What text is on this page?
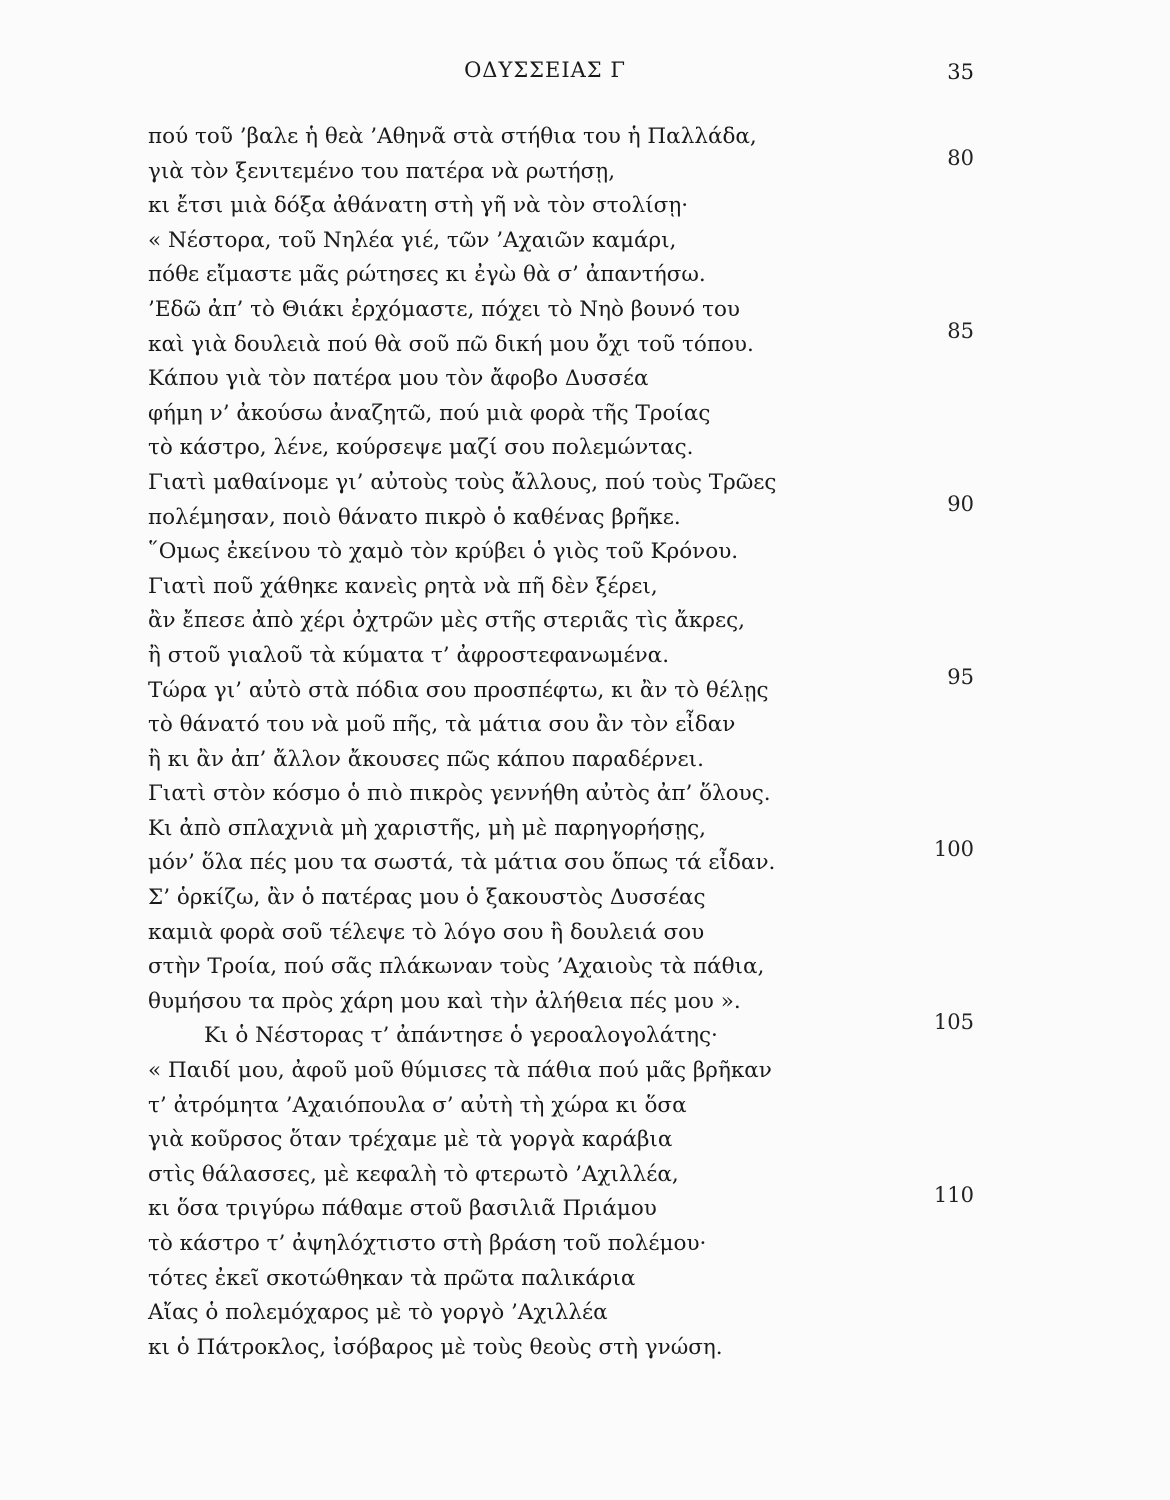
ΟΔΥΣΣΕΙΑΣ Γ	35
πού τοῦ ’βαλε ἡ θεὰ ’Αθηνᾶ στὰ στήθια του ἡ Παλλάδα,
γιὰ τὸν ξενιτεμένο του πατέρα νὰ ρωτήσῃ,
80
κι ἔτσι μιὰ δόξα ἀθάνατη στὴ γῆ νὰ τὸν στολίσῃ·
« Νέστορα, τοῦ Νηλέα γιέ, τῶν ’Αχαιῶν καμάρι,
πόθε εἴμαστε μᾶς ρώτησες κι ἐγὼ θὰ σ’ ἀπαντήσω.
’Εδῶ ἀπ’ τὸ Θιάκι ἐρχόμαστε, πόχει τὸ Νηὸ βουνό του
καὶ γιὰ δουλειὰ πού θὰ σοῦ πῶ δική μου ὄχι τοῦ τόπου.
85
Κάπου γιὰ τὸν πατέρα μου τὸν ἄφοβο Δυσσέα
φήμη ν’ ἀκούσω ἀναζητῶ, πού μιὰ φορὰ τῆς Τροίας
τὸ κάστρο, λένε, κούρσεψε μαζί σου πολεμώντας.
Γιατὶ μαθαίνομε γι’ αὐτοὺς τοὺς ἄλλους, πού τοὺς Τρῶες
πολέμησαν, ποιὸ θάνατο πικρὸ ὁ καθένας βρῆκε.
90
῞Ομως ἐκείνου τὸ χαμὸ τὸν κρύβει ὁ γιὸς τοῦ Κρόνου.
Γιατὶ ποῦ χάθηκε κανεὶς ρητὰ νὰ πῆ δὲν ξέρει,
ἂν ἔπεσε ἀπὸ χέρι ὀχτρῶν μὲς στῆς στεριᾶς τὶς ἄκρες,
ἢ στοῦ γιαλοῦ τὰ κύματα τ’ ἀφροστεφανωμένα.
Τώρα γι’ αὐτὸ στὰ πόδια σου προσπέφτω, κι ἂν τὸ θέλῃς
95
τὸ θάνατό του νὰ μοῦ πῆς, τὰ μάτια σου ἂν τὸν εἶδαν
ἢ κι ἂν ἀπ’ ἄλλον ἄκουσες πῶς κάπου παραδέρνει.
Γιατὶ στὸν κόσμο ὁ πιὸ πικρὸς γεννήθη αὐτὸς ἀπ’ ὅλους.
Κι ἀπὸ σπλαχνιὰ μὴ χαριστῆς, μὴ μὲ παρηγορήσῃς,
μόν’ ὅλα πές μου τα σωστά, τὰ μάτια σου ὅπως τά εἶδαν.
100
Σ’ ὁρκίζω, ἂν ὁ πατέρας μου ὁ ξακουστὸς Δυσσέας
καμιὰ φορὰ σοῦ τέλεψε τὸ λόγο σου ἢ δουλειά σου
στὴν Τροία, πού σᾶς πλάκωναν τοὺς ’Αχαιοὺς τὰ πάθια,
θυμήσου τα πρὸς χάρη μου καὶ τὴν ἀλήθεια πές μου ».
Κι ὁ Νέστορας τ’ ἀπάντησε ὁ γεροαλογολάτης·
105
« Παιδί μου, ἀφοῦ μοῦ θύμισες τὰ πάθια πού μᾶς βρῆκαν
τ’ ἀτρόμητα ’Αχαιόπουλα σ’ αὐτὴ τὴ χώρα κι ὅσα
γιὰ κοῦρσος ὅταν τρέχαμε μὲ τὰ γοργὰ καράβια
στὶς θάλασσες, μὲ κεφαλὴ τὸ φτερωτὸ ’Αχιλλέα,
κι ὅσα τριγύρω πάθαμε στοῦ βασιλιᾶ Πριάμου
110
τὸ κάστρο τ’ ἀψηλόχτιστο στὴ βράση τοῦ πολέμου·
τότες ἐκεῖ σκοτώθηκαν τὰ πρῶτα παλικάρια
Αἴας ὁ πολεμόχαρος μὲ τὸ γοργὸ ’Αχιλλέα
κι ὁ Πάτροκλος, ἰσόβαρος μὲ τοὺς θεοὺς στὴ γνώση.
